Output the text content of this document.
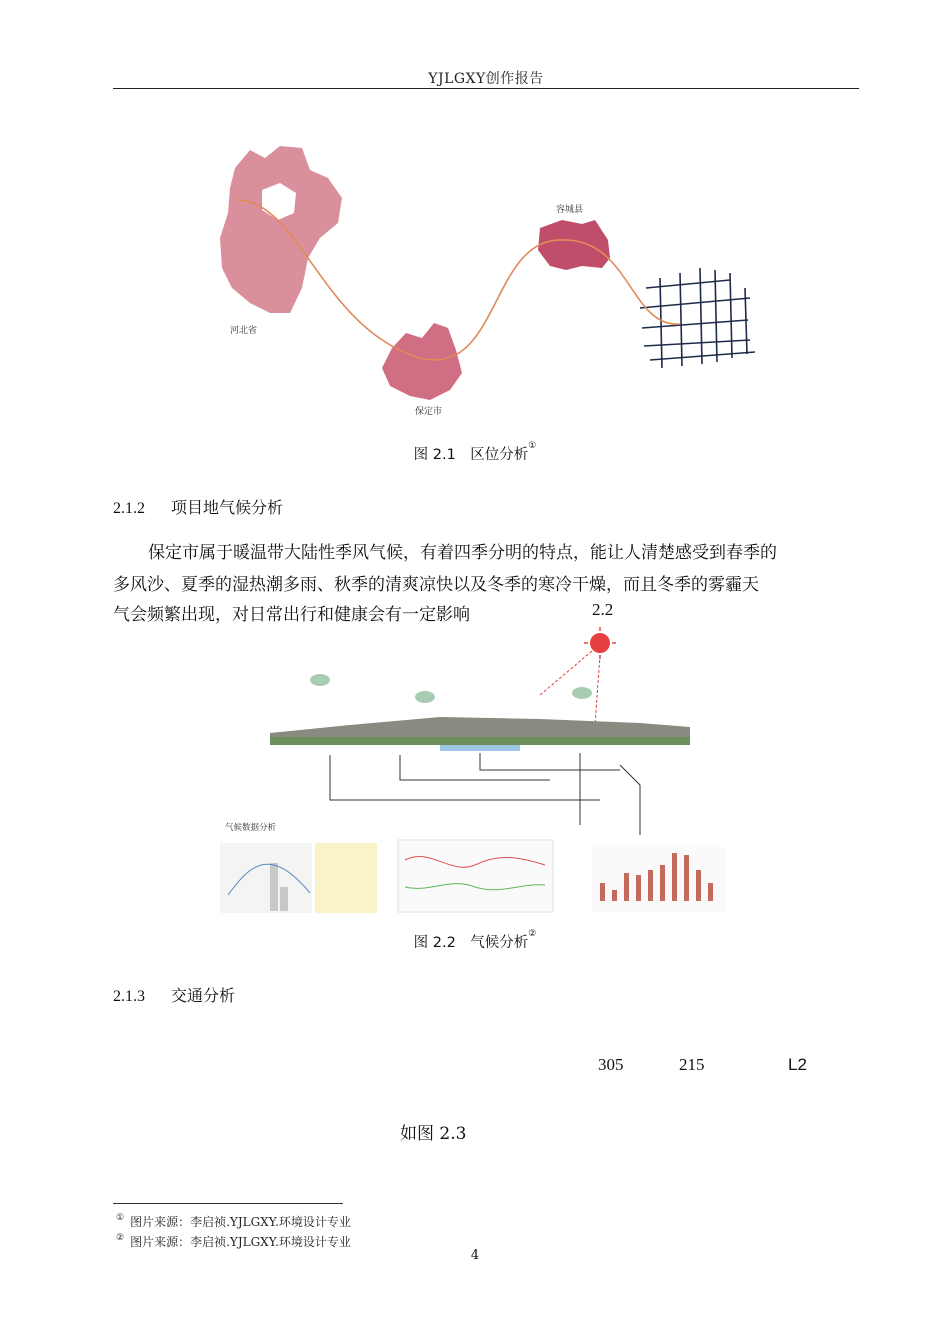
YJLGXY创作报告
河北省
保定市
容城县
图 2.1　区位分析①
2.1.2 项目地气候分析
保定市属于暖温带大陆性季风气候，有着四季分明的特点，能让人清楚感受到春季的
多风沙、夏季的湿热潮多雨、秋季的清爽凉快以及冬季的寒冷干燥，而且冬季的雾霾天
气会频繁出现，对日常出行和健康会有一定影响	2.2
气候数据分析
图 2.2　气候分析②
2.1.3 交通分析
305	215	L2
如图 2.3
① 图片来源：李启祯.YJLGXY.环境设计专业
② 图片来源：李启祯.YJLGXY.环境设计专业
4
